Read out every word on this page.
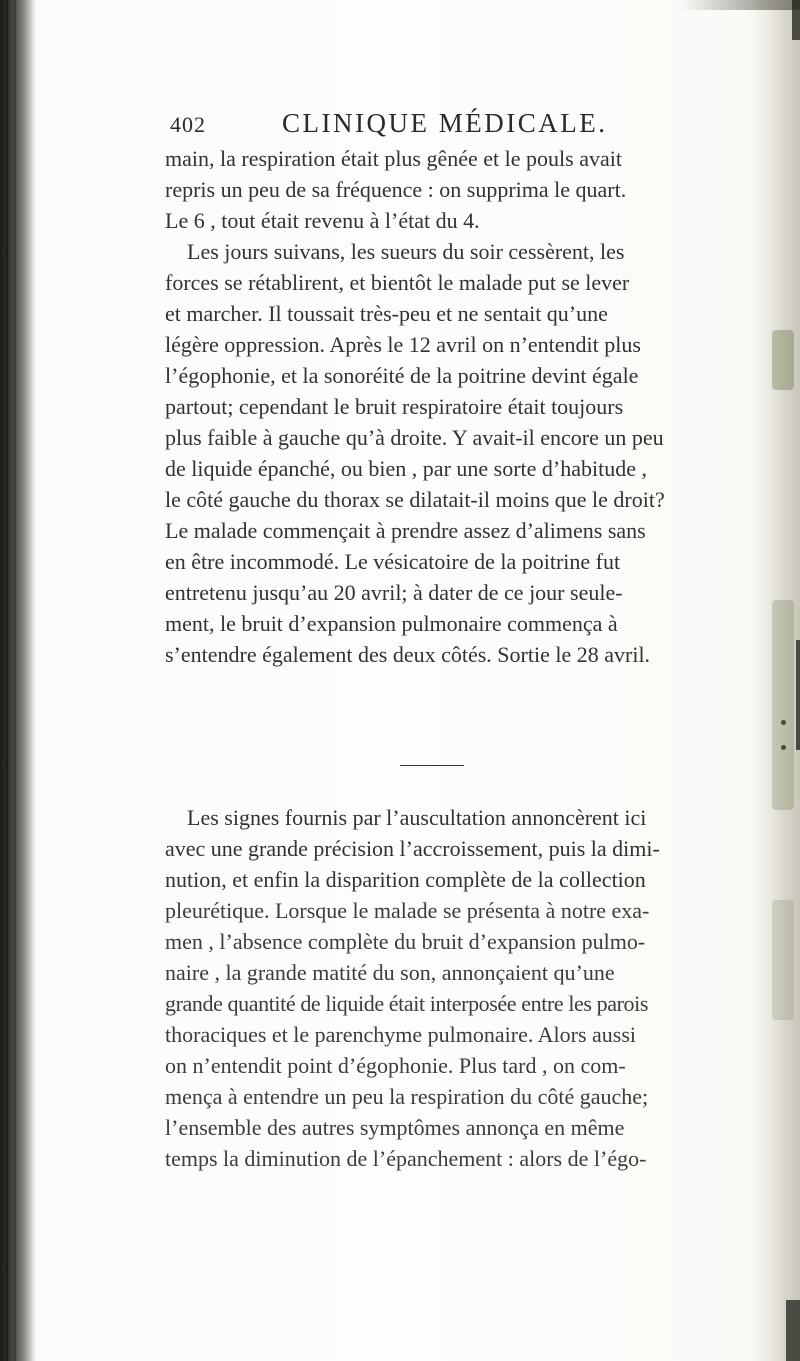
402	CLINIQUE MÉDICALE.
main, la respiration était plus gênée et le pouls avait
repris un peu de sa fréquence : on supprima le quart.
Le 6 , tout était revenu à l’état du 4.
Les jours suivans, les sueurs du soir cessèrent, les
forces se rétablirent, et bientôt le malade put se lever
et marcher. Il toussait très-peu et ne sentait qu’une
légère oppression. Après le 12 avril on n’entendit plus
l’égophonie, et la sonoréité de la poitrine devint égale
partout; cependant le bruit respiratoire était toujours
plus faible à gauche qu’à droite. Y avait-il encore un peu
de liquide épanché, ou bien , par une sorte d’habitude ,
le côté gauche du thorax se dilatait-il moins que le droit?
Le malade commençait à prendre assez d’alimens sans
en être incommodé. Le vésicatoire de la poitrine fut
entretenu jusqu’au 20 avril; à dater de ce jour seule-
ment, le bruit d’expansion pulmonaire commença à
s’entendre également des deux côtés. Sortie le 28 avril.
Les signes fournis par l’auscultation annoncèrent ici
avec une grande précision l’accroissement, puis la dimi-
nution, et enfin la disparition complète de la collection
pleurétique. Lorsque le malade se présenta à notre exa-
men , l’absence complète du bruit d’expansion pulmo-
naire , la grande matité du son, annonçaient qu’une
grande quantité de liquide était interposée entre les parois
thoraciques et le parenchyme pulmonaire. Alors aussi
on n’entendit point d’égophonie. Plus tard , on com-
mença à entendre un peu la respiration du côté gauche;
l’ensemble des autres symptômes annonça en même
temps la diminution de l’épanchement : alors de l’égo-
